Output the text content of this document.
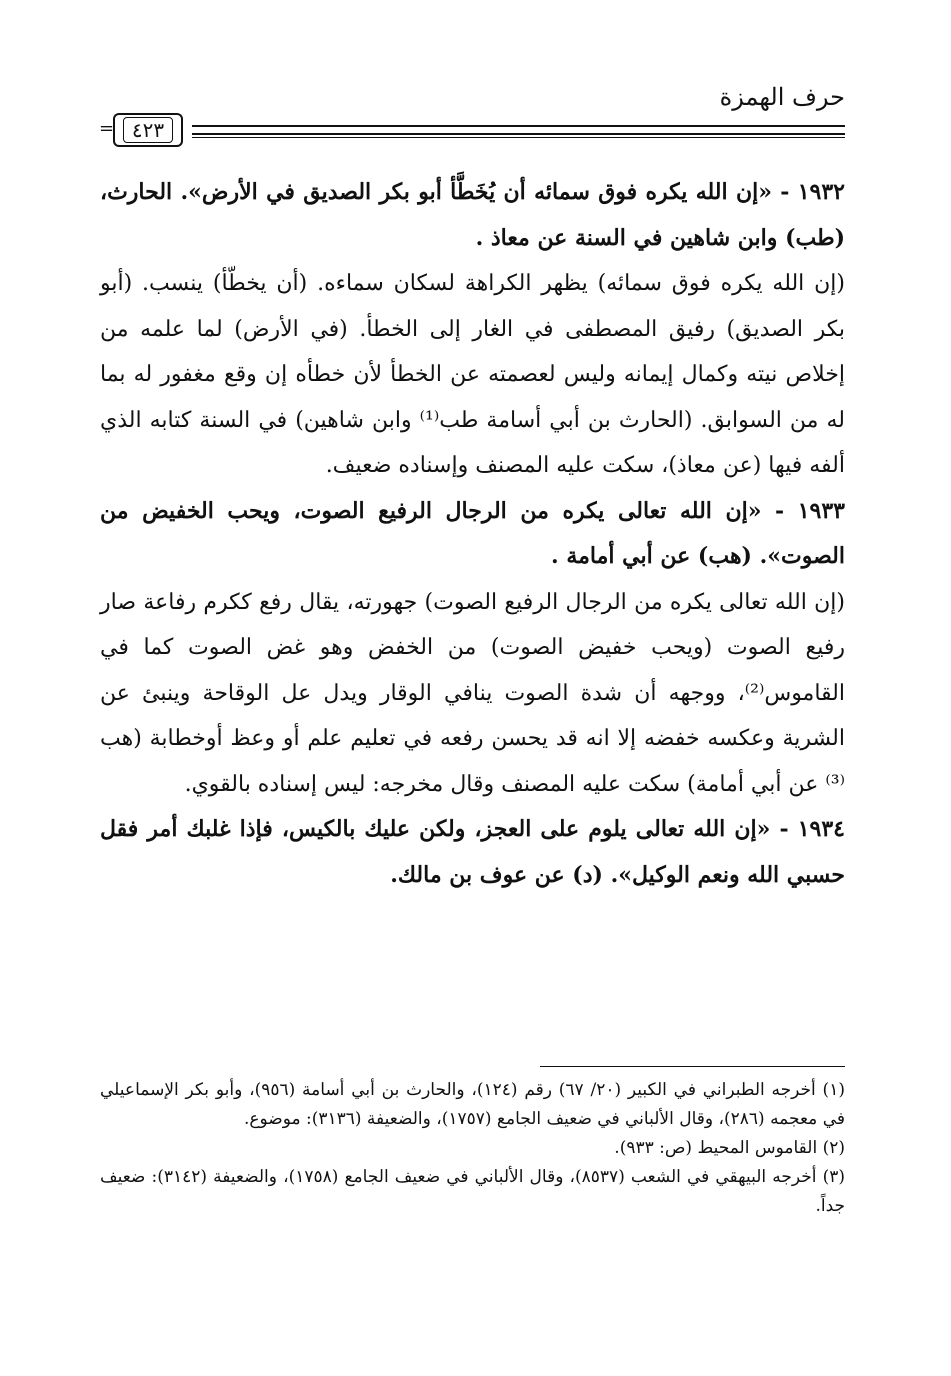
حرف الهمزة
= ٤٢٣

١٩٣٢ - «إن الله يكره فوق سمائه أن يُخَطَّأ أبو بكر الصديق في الأرض». الحارث، (طب) وابن شاهين في السنة عن معاذ .

(إن الله يكره فوق سمائه) يظهر الكراهة لسكان سماءه. (أن يخطّأ) ينسب. (أبو بكر الصديق) رفيق المصطفى في الغار إلى الخطأ. (في الأرض) لما علمه من إخلاص نيته وكمال إيمانه وليس لعصمته عن الخطأ لأن خطأه إن وقع مغفور له بما له من السوابق. (الحارث بن أبي أسامة طب⁽¹⁾ وابن شاهين) في السنة كتابه الذي ألفه فيها (عن معاذ)، سكت عليه المصنف وإسناده ضعيف.

١٩٣٣ - «إن الله تعالى يكره من الرجال الرفيع الصوت، ويحب الخفيض من الصوت». (هب) عن أبي أمامة .

(إن الله تعالى يكره من الرجال الرفيع الصوت) جهورته، يقال رفع ككرم رفاعة صار رفيع الصوت (ويحب خفيض الصوت) من الخفض وهو غض الصوت كما في القاموس⁽²⁾، ووجهه أن شدة الصوت ينافي الوقار ويدل عل الوقاحة وينبئ عن الشرية وعكسه خفضه إلا انه قد يحسن رفعه في تعليم علم أو وعظ أوخطابة (هب ⁽³⁾ عن أبي أمامة) سكت عليه المصنف وقال مخرجه: ليس إسناده بالقوي.

١٩٣٤ - «إن الله تعالى يلوم على العجز، ولكن عليك بالكيس، فإذا غلبك أمر فقل حسبي الله ونعم الوكيل». (د) عن عوف بن مالك.

(١) أخرجه الطبراني في الكبير (٢٠/ ٦٧) رقم (١٢٤)، والحارث بن أبي أسامة (٩٥٦)، وأبو بكر الإسماعيلي في معجمه (٢٨٦)، وقال الألباني في ضعيف الجامع (١٧٥٧)، والضعيفة (٣١٣٦): موضوع.

(٢) القاموس المحيط (ص: ٩٣٣).

(٣) أخرجه البيهقي في الشعب (٨٥٣٧)، وقال الألباني في ضعيف الجامع (١٧٥٨)، والضعيفة (٣١٤٢): ضعيف جداً.
